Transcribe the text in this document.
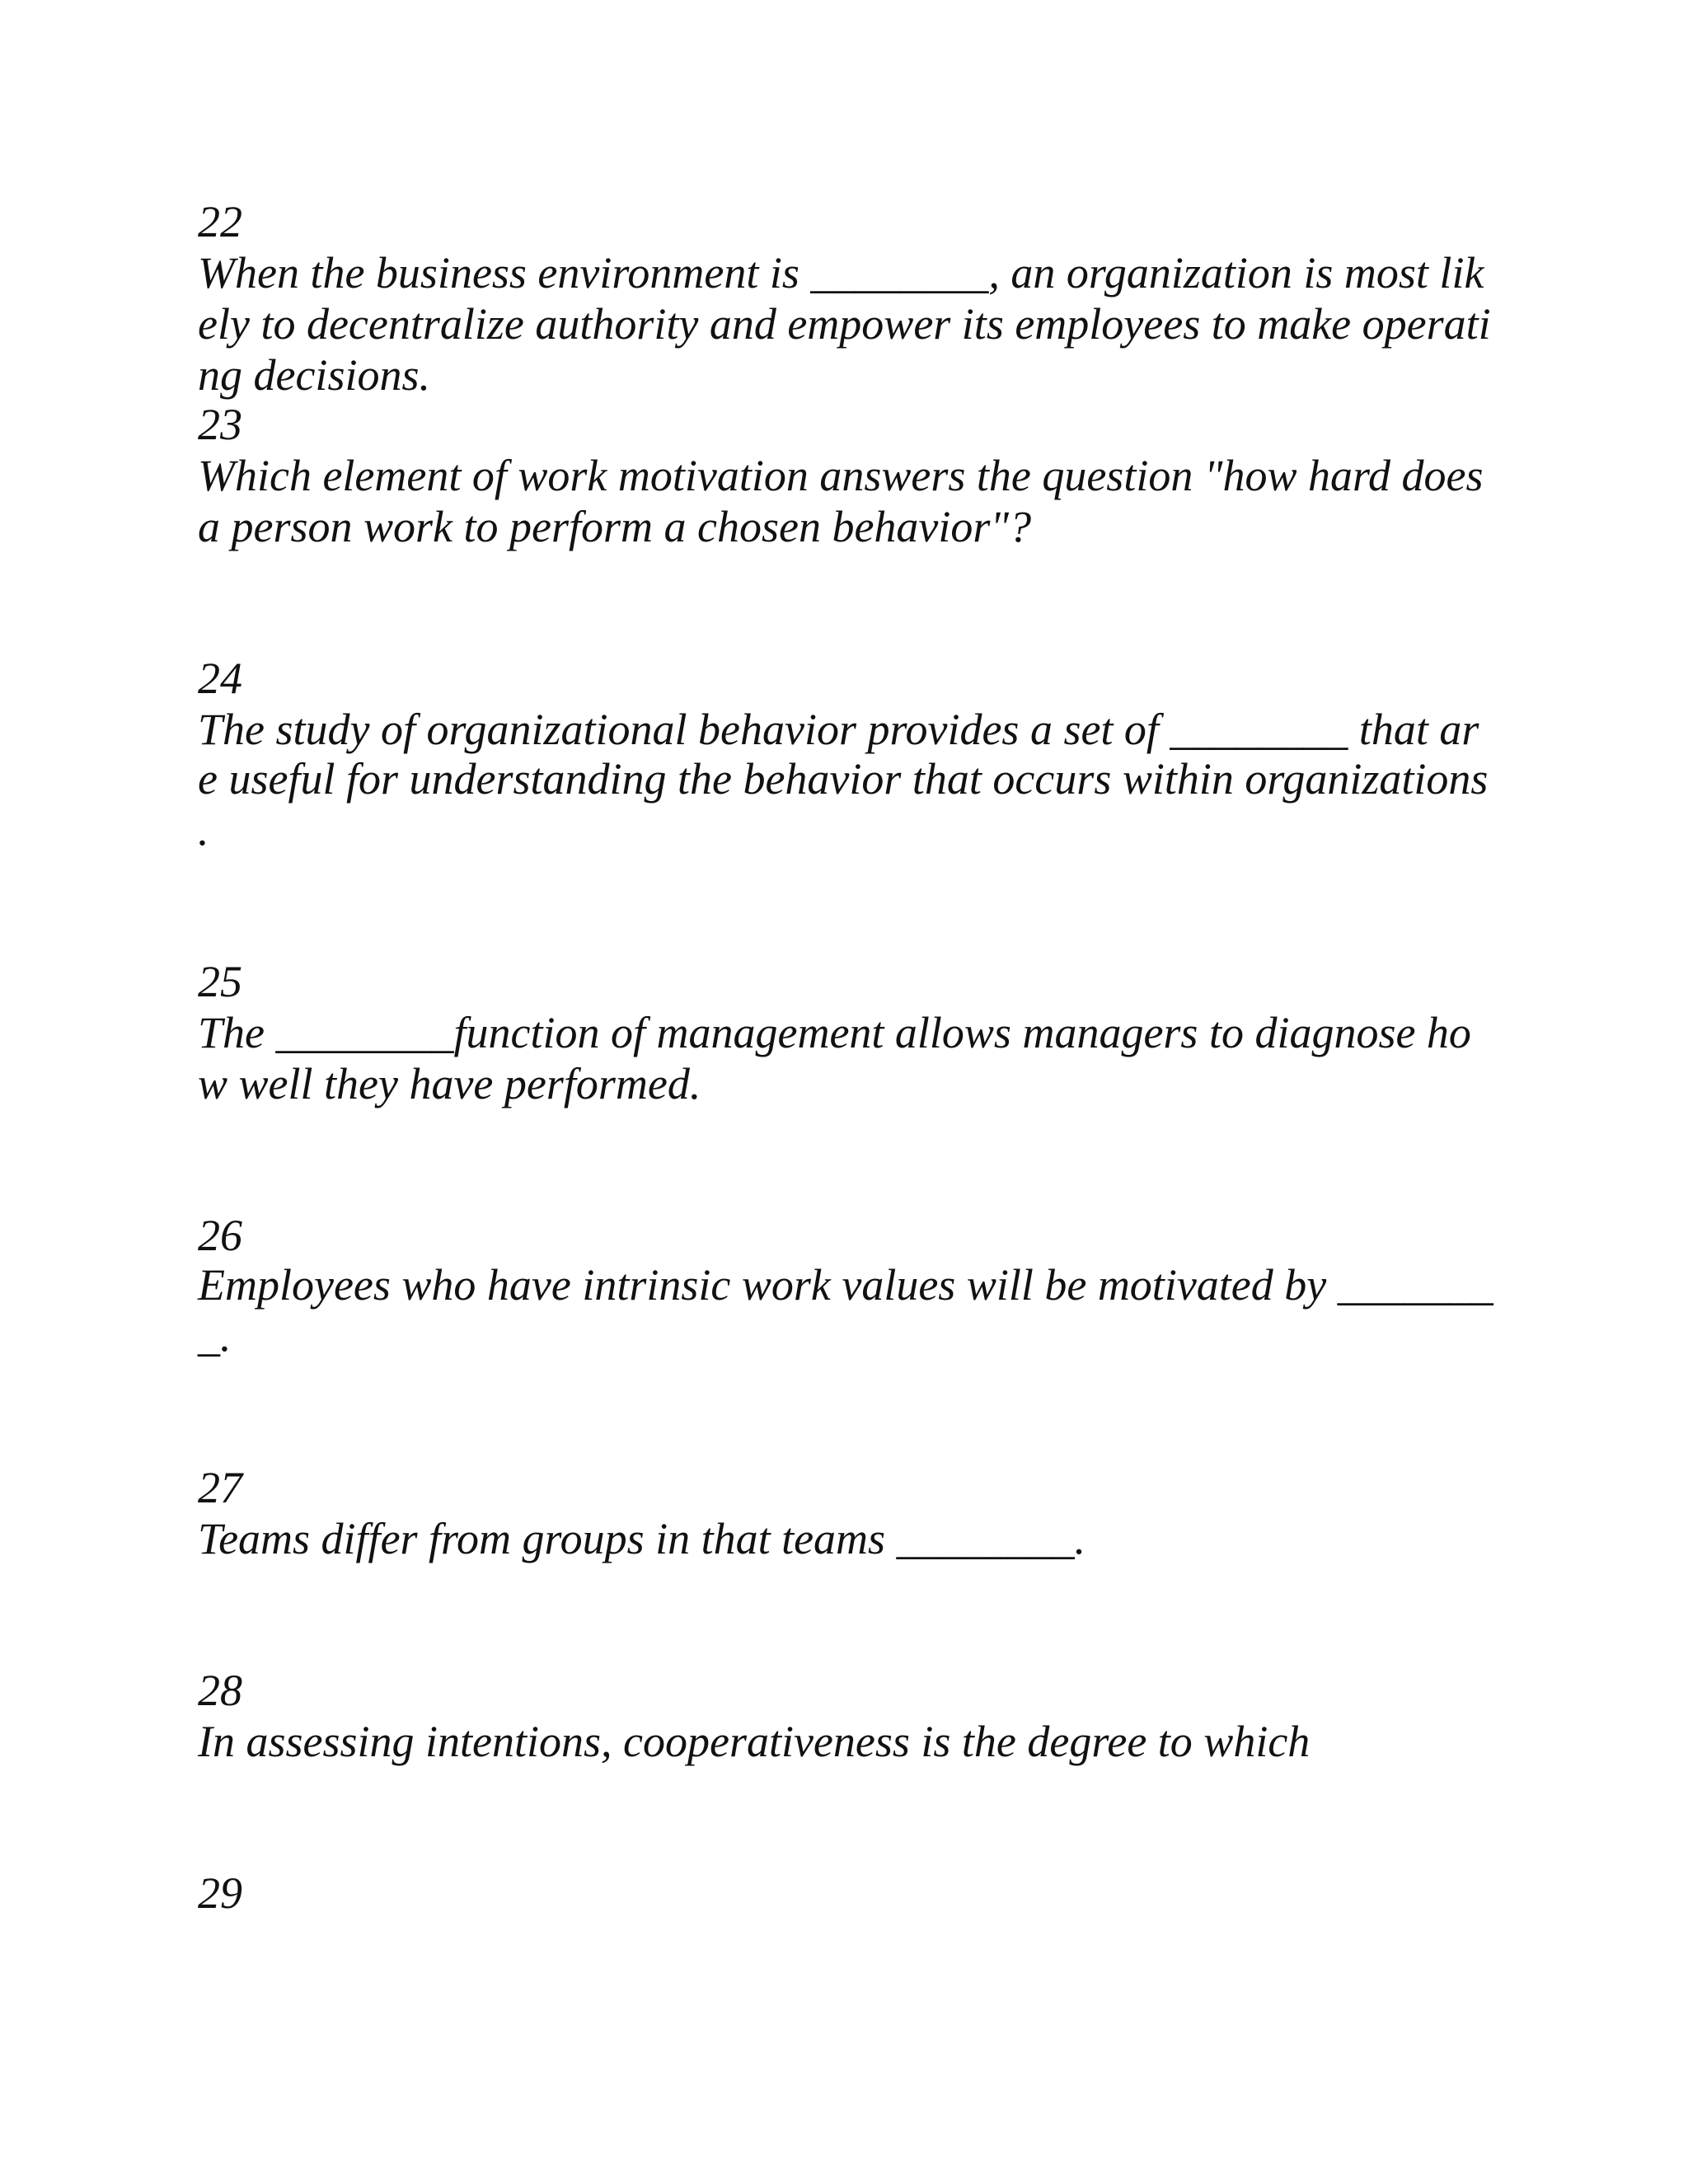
22
When the business environment is ________, an organization is most lik
ely to decentralize authority and empower its employees to make operati
ng decisions.
23
Which element of work motivation answers the question "how hard does
a person work to perform a chosen behavior"?
24
The study of organizational behavior provides a set of ________ that ar
e useful for understanding the behavior that occurs within organizations
.
25
The ________function of management allows managers to diagnose ho
w well they have performed.
26
Employees who have intrinsic work values will be motivated by _______
_.
27
Teams differ from groups in that teams ________.
28
In assessing intentions, cooperativeness is the degree to which
29
